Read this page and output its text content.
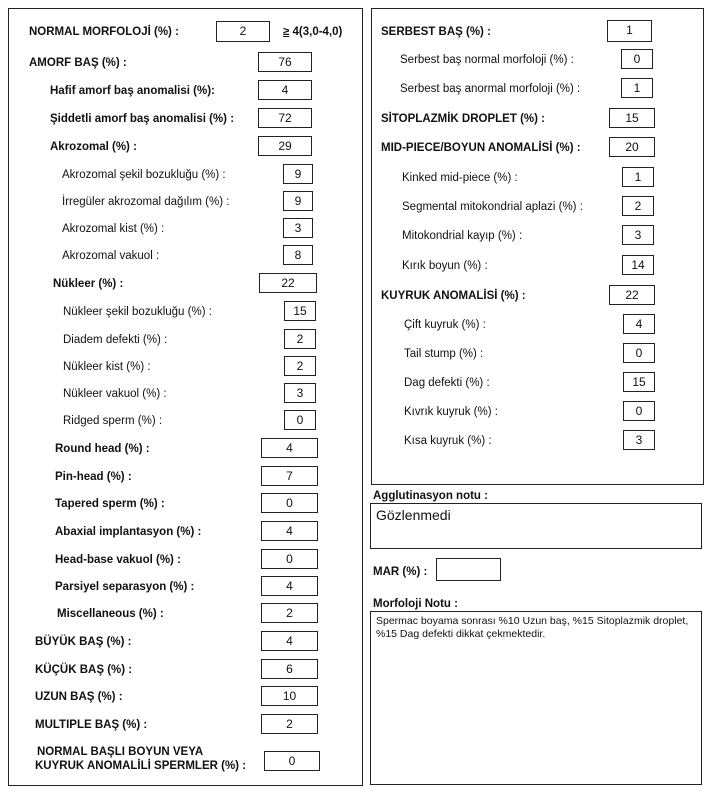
NORMAL MORFOLOJİ (%) :	2	≥ 4(3,0-4,0)
AMORF BAŞ (%) :	76
Hafif amorf baş anomalisi (%):	4
Şiddetli amorf baş anomalisi (%) :	72
Akrozomal (%) :	29
Akrozomal şekil bozukluğu (%) :	9
İrregüler akrozomal dağılım (%) :	9
Akrozomal kist (%) :	3
Akrozomal vakuol :	8
Nükleer (%) :	22
Nükleer şekil bozukluğu (%) :	15
Diadem defekti (%) :	2
Nükleer kist (%) :	2
Nükleer vakuol (%) :	3
Ridged sperm (%) :	0
Round head (%) :	4
Pin-head (%) :	7
Tapered sperm (%) :	0
Abaxial implantasyon (%) :	4
Head-base vakuol (%) :	0
Parsiyel separasyon (%) :	4
Miscellaneous (%) :	2
BÜYÜK BAŞ (%) :	4
KÜÇÜK BAŞ (%) :	6
UZUN BAŞ (%) :	10
MULTIPLE BAŞ (%) :	2
NORMAL BAŞLI BOYUN VEYA
KUYRUK ANOMALİLİ SPERMLER (%) :	0
SERBEST BAŞ (%) :	1
Serbest baş normal morfoloji (%) :	0
Serbest baş anormal morfoloji (%) :	1
SİTOPLAZMİK DROPLET (%) :	15
MID-PIECE/BOYUN ANOMALİSİ (%) :	20
Kinked mid-piece (%) :	1
Segmental mitokondrial aplazi (%) :	2
Mitokondrial kayıp (%) :	3
Kırık boyun (%) :	14
KUYRUK ANOMALİSİ (%) :	22
Çift kuyruk (%) :	4
Tail stump (%) :	0
Dag defekti (%) :	15
Kıvrık kuyruk (%) :	0
Kısa kuyruk (%) :	3
Agglutinasyon notu :
Gözlenmedi
MAR (%) :
Morfoloji Notu :
Spermac boyama sonrası %10 Uzun baş, %15 Sitoplazmik droplet, %15 Dag defekti dikkat çekmektedir.
